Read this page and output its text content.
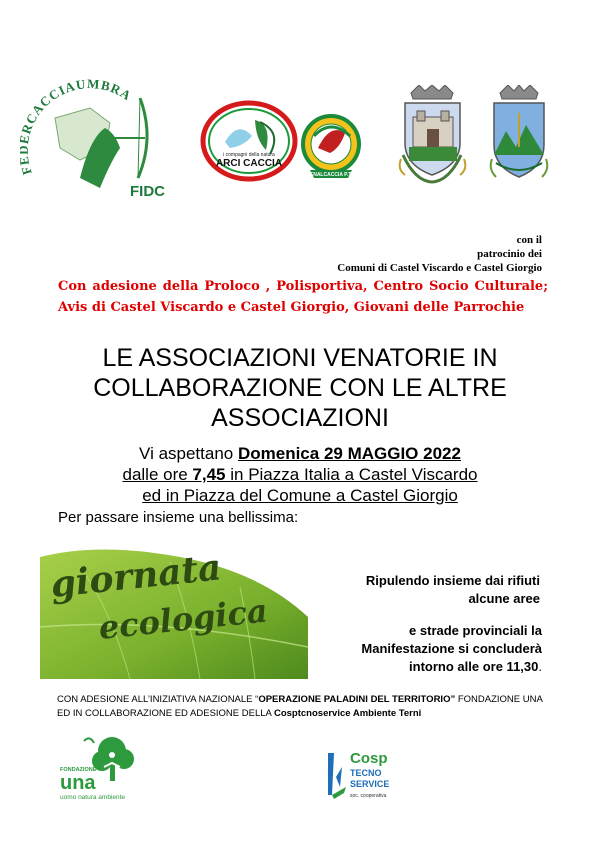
CACCIAUMBRA
FIDC
i compagni della natura
ARCI CACCIA
ENALCACCIA P.T.
con il
patrocinio dei
Comuni di Castel Viscardo e Castel Giorgio
Con adesione della Proloco , Polisportiva, Centro Socio Culturale; Avis di Castel Viscardo e Castel Giorgio, Giovani delle Parrochie
LE ASSOCIAZIONI VENATORIE IN
COLLABORAZIONE CON LE ALTRE
ASSOCIAZIONI
Vi aspettano Domenica 29 MAGGIO 2022
dalle ore 7,45 in Piazza Italia a Castel Viscardo
ed in Piazza del Comune a Castel Giorgio
Per passare insieme una bellissima:
giornata
ecologica
Ripulendo insieme dai rifiuti
alcune aree
e strade provinciali la
Manifestazione si concluderà
intorno alle ore 11,30.
CON ADESIONE ALL’INIZIATIVA NAZIONALE “OPERAZIONE PALADINI DEL TERRITORIO” FONDAZIONE UNA
ED IN COLLABORAZIONE ED ADESIONE DELLA Cosptcnoservice Ambiente Terni
FONDAZIONE
una
uomo natura ambiente
Cosp
TECNO
SERVICE
soc. cooperativa
